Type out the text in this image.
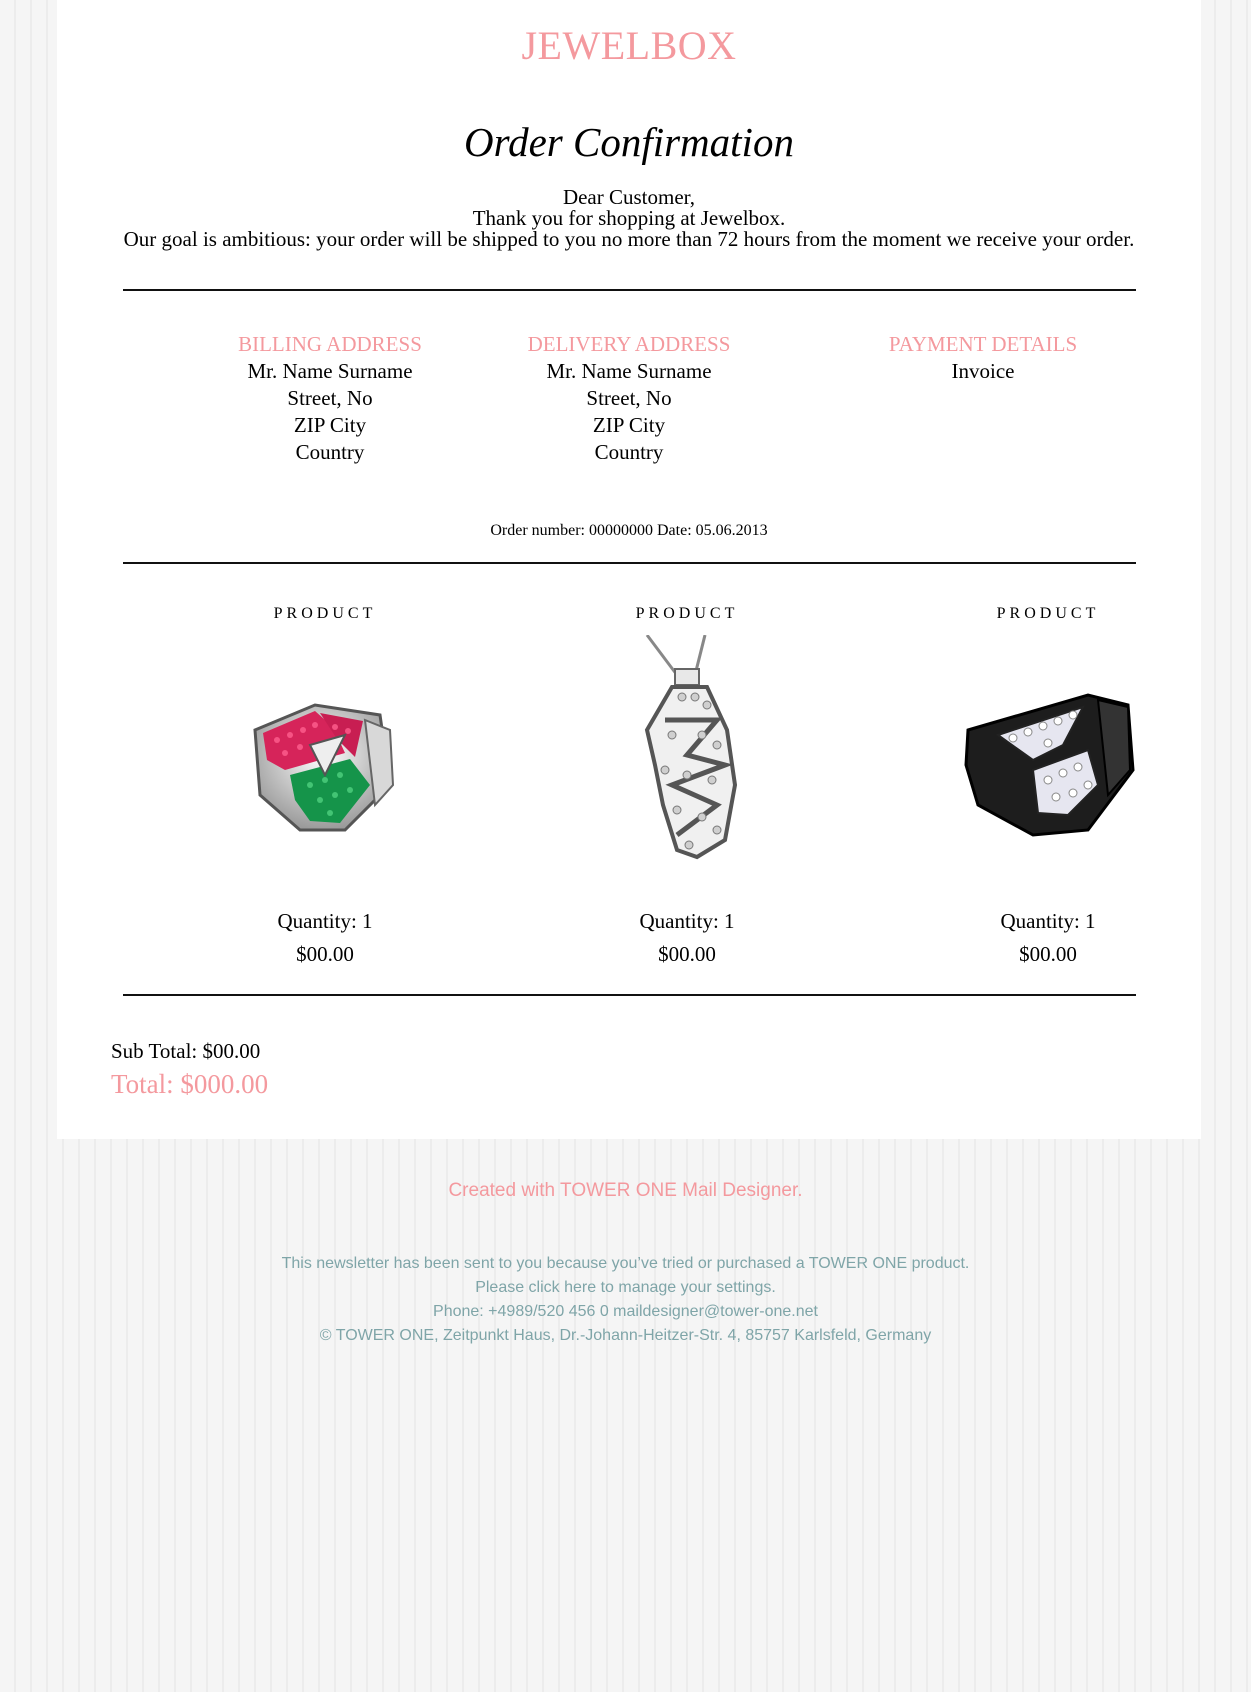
JEWELBOX
Order Confirmation
Dear Customer,
Thank you for shopping at Jewelbox.
Our goal is ambitious: your order will be shipped to you no more than 72 hours from the moment we receive your order.
BILLING ADDRESS
Mr. Name Surname
Street, No
ZIP City
Country
DELIVERY ADDRESS
Mr. Name Surname
Street, No
ZIP City
Country
PAYMENT DETAILS
Invoice
Order number: 00000000 Date: 05.06.2013
PRODUCT
Quantity: 1
$00.00
PRODUCT
Quantity: 1
$00.00
PRODUCT
Quantity: 1
$00.00
Sub Total: $00.00
Total: $000.00
Created with TOWER ONE Mail Designer.
This newsletter has been sent to you because you’ve tried or purchased a TOWER ONE product.
Please click here to manage your settings.
Phone: +4989/520 456 0 maildesigner@tower-one.net
© TOWER ONE, Zeitpunkt Haus, Dr.-Johann-Heitzer-Str. 4, 85757 Karlsfeld, Germany
